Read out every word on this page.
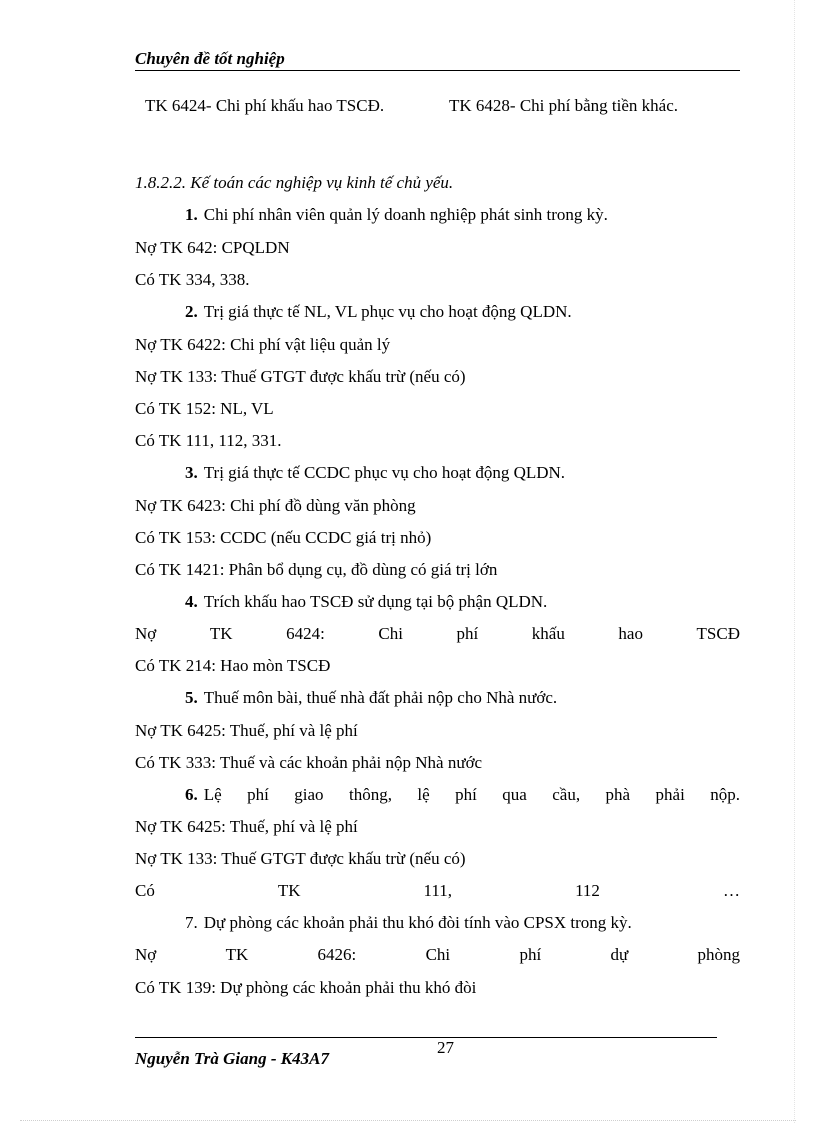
Chuyên đề tốt nghiệp
TK 6424- Chi phí khấu hao TSCĐ.	TK 6428- Chi phí bằng tiền khác.
1.8.2.2. Kế toán các nghiệp vụ kinh tế chủ yếu.
1. Chi phí nhân viên quản lý doanh nghiệp phát sinh trong kỳ.
Nợ TK 642: CPQLDN
Có TK 334, 338.
2. Trị giá thực tế NL, VL phục vụ cho hoạt động QLDN.
Nợ TK 6422: Chi phí vật liệu quản lý
Nợ TK 133: Thuế GTGT được khấu trừ (nếu có)
Có TK 152: NL, VL
Có TK 111, 112, 331.
3. Trị giá thực tế CCDC phục vụ cho hoạt động QLDN.
Nợ TK 6423: Chi phí đồ dùng văn phòng
Có TK 153: CCDC (nếu CCDC giá trị nhỏ)
Có TK 1421: Phân bổ dụng cụ, đồ dùng có giá trị lớn
4. Trích khấu hao TSCĐ sử dụng tại bộ phận QLDN.
Nợ	TK	6424:	Chi	phí	khấu	hao	TSCĐ
Có TK 214: Hao mòn TSCĐ
5. Thuế môn bài, thuế nhà đất phải nộp cho Nhà nước.
Nợ TK 6425: Thuế, phí và lệ phí
Có TK 333: Thuế và các khoản phải nộp Nhà nước
6. Lệ phí giao thông, lệ phí qua cầu, phà phải nộp.
Nợ TK 6425: Thuế, phí và lệ phí
Nợ TK 133: Thuế GTGT được khấu trừ (nếu có)
Có	TK	111,	112	…
7. Dự phòng các khoản phải thu khó đòi tính vào CPSX trong kỳ.
Nợ	TK	6426:	Chi	phí	dự	phòng
Có TK 139: Dự phòng các khoản phải thu khó đòi
27
Nguyễn Trà Giang - K43A7
